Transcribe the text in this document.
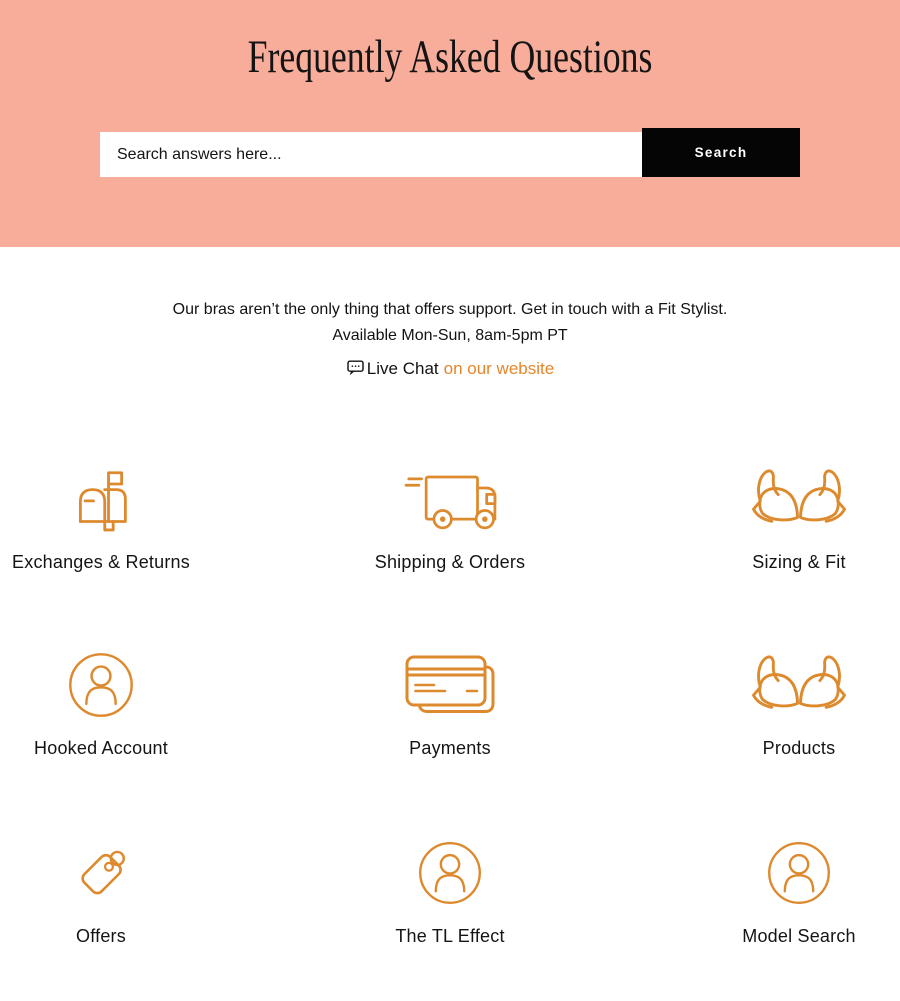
Frequently Asked Questions
Search answers here...
Search

Our bras aren’t the only thing that offers support. Get in touch with a Fit Stylist.

Available Mon-Sun, 8am-5pm PT

Live Chat on our website
Exchanges & Returns	Shipping & Orders	Sizing & Fit
Hooked Account	Payments	Products
Offers	The TL Effect	Model Search
